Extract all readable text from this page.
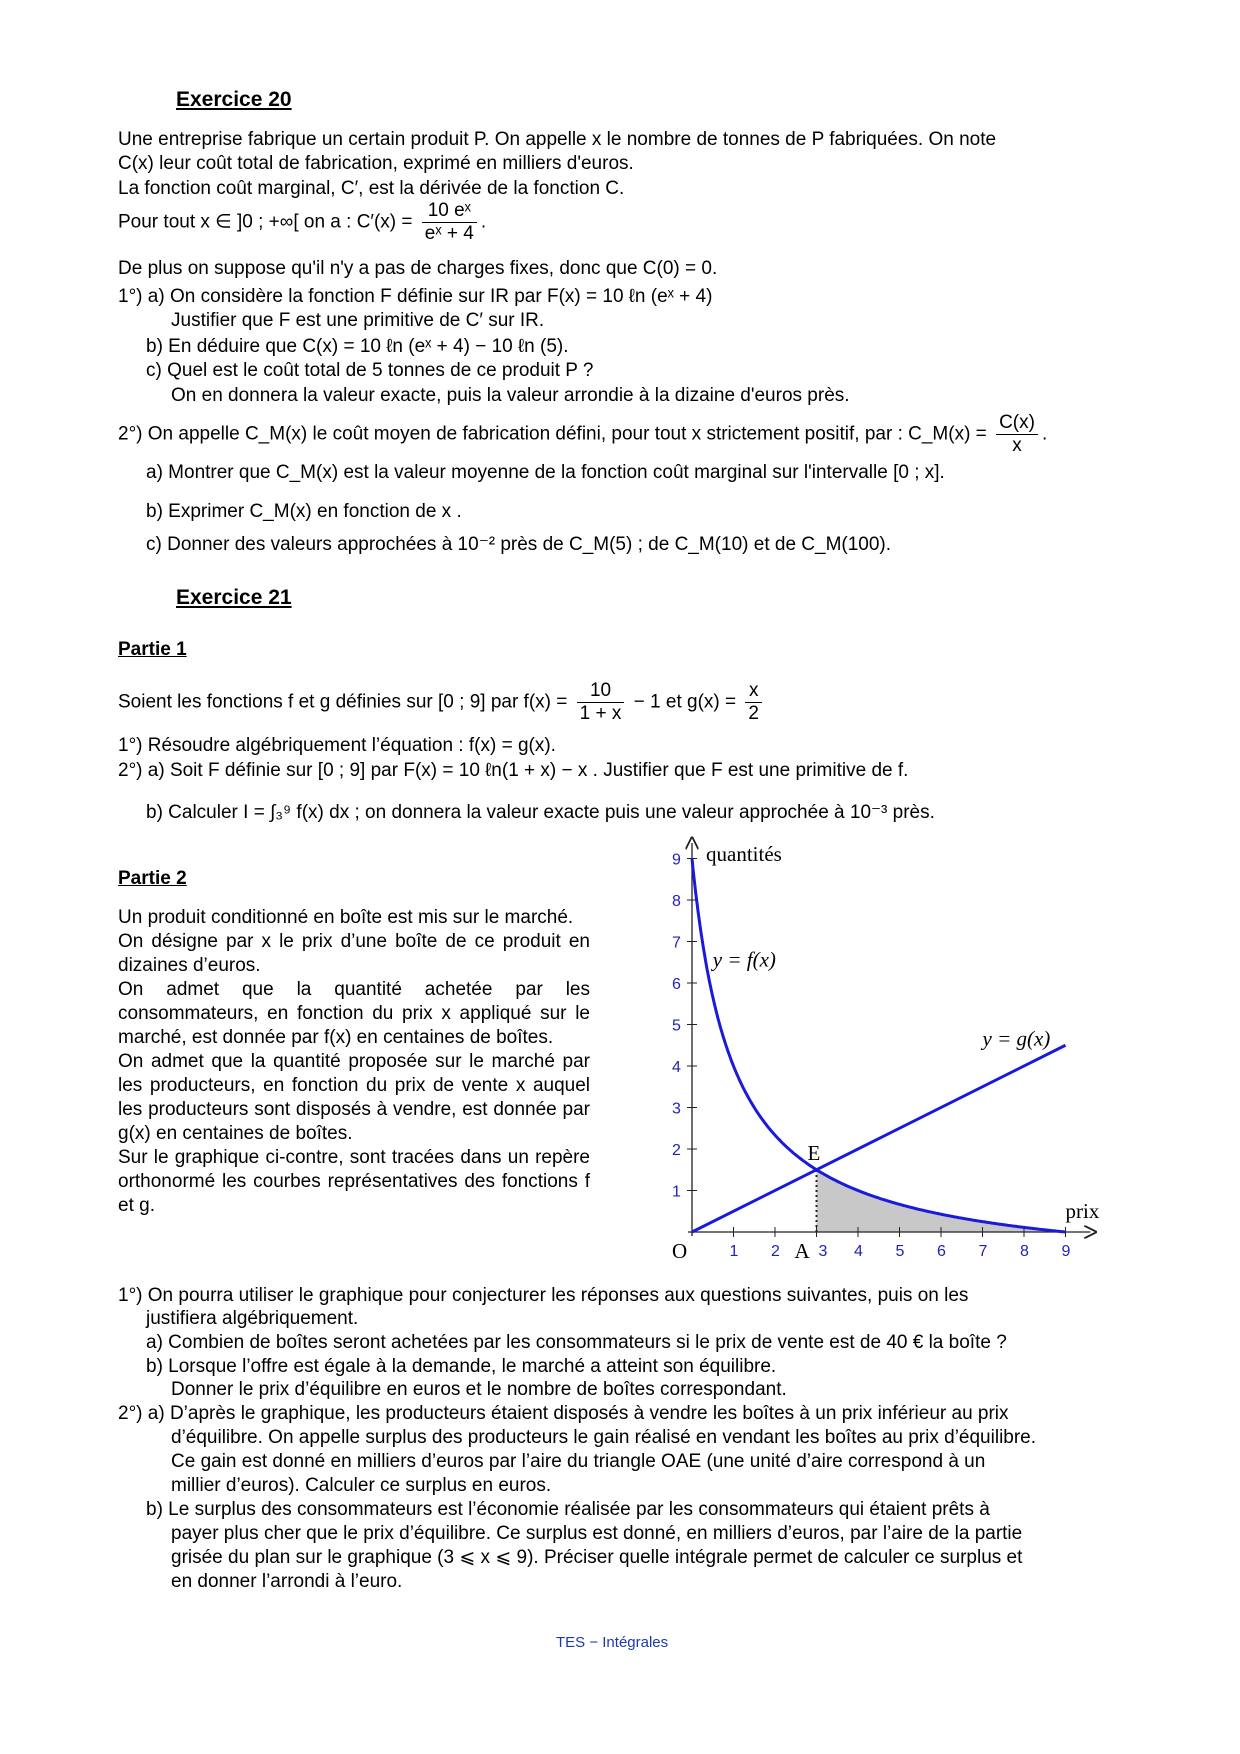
Exercice 20
Une entreprise fabrique un certain produit P. On appelle x le nombre de tonnes de P fabriquées. On note
C(x) leur coût total de fabrication, exprimé en milliers d'euros.
La fonction coût marginal, C′, est la dérivée de la fonction C.
Pour tout x ∈ ]0 ; +∞[ on a : $C'(x) = \frac{\text{10 eˣ}}{\text{eˣ + 4}}$ .
De plus on suppose qu'il n'y a pas de charges fixes, donc que C(0) = 0.
1°) a) On considère la fonction F définie sur IR par F(x) = 10 ℓn (eˣ + 4)
Justifier que F est une primitive de C′ sur IR.
b) En déduire que C(x) = 10 ℓn (eˣ + 4) − 10 ℓn (5).
c) Quel est le coût total de 5 tonnes de ce produit P ?
On en donnera la valeur exacte, puis la valeur arrondie à la dizaine d'euros près.
2°) On appelle C_M(x) le coût moyen de fabrication défini, pour tout x strictement positif, par : C_M(x) = $\frac{C(x)}{x}$ .
a) Montrer que C_M(x) est la valeur moyenne de la fonction coût marginal sur l'intervalle [0 ; x].
b) Exprimer C_M(x) en fonction de x .
c) Donner des valeurs approchées à 10⁻² près de C_M(5) ; de C_M(10) et de C_M(100).
Exercice 21
Partie 1
Soient les fonctions f et g définies sur [0 ; 9] par $f(x) = \frac{10}{1 + x} - 1$ et $g(x) = \frac{x}{2}$
1°) Résoudre algébriquement l’équation : f(x) = g(x).
2°) a) Soit F définie sur [0 ; 9] par F(x) = 10 ℓn(1 + x) − x . Justifier que F est une primitive de f.
b) Calculer I = ∫₃⁹ f(x) dx ; on donnera la valeur exacte puis une valeur approchée à 10⁻³ près.
Partie 2
Un produit conditionné en boîte est mis sur le marché.
On désigne par x le prix d’une boîte de ce produit en dizaines d’euros.
On admet que la quantité achetée par les consommateurs, en fonction du prix x appliqué sur le marché, est donnée par f(x) en centaines de boîtes.
On admet que la quantité proposée sur le marché par les producteurs, en fonction du prix de vente x auquel les producteurs sont disposés à vendre, est donnée par g(x) en centaines de boîtes.
Sur le graphique ci-contre, sont tracées dans un repère orthonormé les courbes représentatives des fonctions f et g.
1 2 3 4 5 6 7 8 9
1
2
3
4
5
6
7
8
9
E
A
O
quantités
prix
y = f(x)
y = g(x)
1°) On pourra utiliser le graphique pour conjecturer les réponses aux questions suivantes, puis on les
justifiera algébriquement.
a) Combien de boîtes seront achetées par les consommateurs si le prix de vente est de 40 € la boîte ?
b) Lorsque l’offre est égale à la demande, le marché a atteint son équilibre.
Donner le prix d’équilibre en euros et le nombre de boîtes correspondant.
2°) a) D’après le graphique, les producteurs étaient disposés à vendre les boîtes à un prix inférieur au prix
d’équilibre. On appelle surplus des producteurs le gain réalisé en vendant les boîtes au prix d’équilibre.
Ce gain est donné en milliers d’euros par l’aire du triangle OAE (une unité d’aire correspond à un
millier d’euros). Calculer ce surplus en euros.
b) Le surplus des consommateurs est l’économie réalisée par les consommateurs qui étaient prêts à
payer plus cher que le prix d’équilibre. Ce surplus est donné, en milliers d’euros, par l’aire de la partie
grisée du plan sur le graphique (3 ⩽ x ⩽ 9). Préciser quelle intégrale permet de calculer ce surplus et
en donner l’arrondi à l’euro.
TES − Intégrales
